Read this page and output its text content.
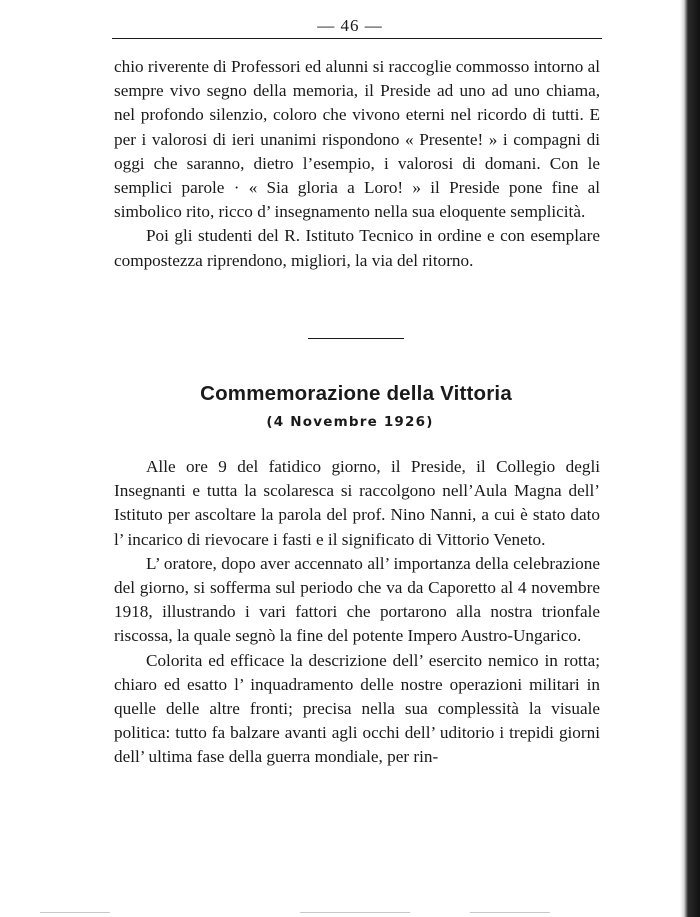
— 46 —

chio riverente di Professori ed alunni si raccoglie commosso intorno al sempre vivo segno della memoria, il Preside ad uno ad uno chiama, nel profondo silenzio, coloro che vivono eterni nel ricordo di tutti. E per i valorosi di ieri unanimi rispondono « Presente! » i compagni di oggi che saranno, dietro l’esempio, i valorosi di domani. Con le semplici parole · « Sia gloria a Loro! » il Preside pone fine al simbolico rito, ricco d’ insegnamento nella sua eloquente semplicità.

Poi gli studenti del R. Istituto Tecnico in ordine e con esemplare compostezza riprendono, migliori, la via del ritorno.

Commemorazione della Vittoria
(4 Novembre 1926)

Alle ore 9 del fatidico giorno, il Preside, il Collegio degli Insegnanti e tutta la scolaresca si raccolgono nell’Aula Magna dell’ Istituto per ascoltare la parola del prof. Nino Nanni, a cui è stato dato l’ incarico di rievocare i fasti e il significato di Vittorio Veneto.

L’ oratore, dopo aver accennato all’ importanza della celebrazione del giorno, si sofferma sul periodo che va da Caporetto al 4 novembre 1918, illustrando i vari fattori che portarono alla nostra trionfale riscossa, la quale segnò la fine del potente Impero Austro-Ungarico.

Colorita ed efficace la descrizione dell’ esercito nemico in rotta; chiaro ed esatto l’ inquadramento delle nostre operazioni militari in quelle delle altre fronti; precisa nella sua complessità la visuale politica: tutto fa balzare avanti agli occhi dell’ uditorio i trepidi giorni dell’ ultima fase della guerra mondiale, per rin-
